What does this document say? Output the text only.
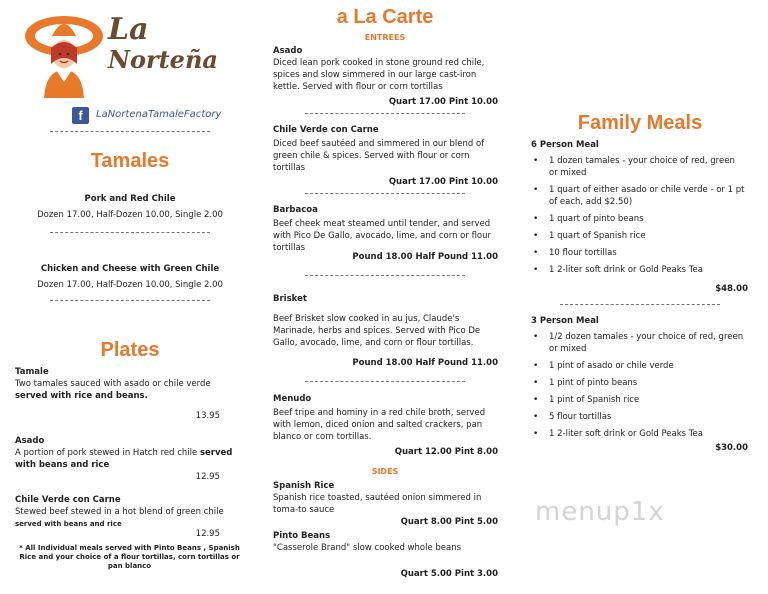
La
Norteña
f	LaNortenaTamaleFactory
Tamales
Pork and Red Chile
Dozen 17.00, Half-Dozen 10.00, Single 2.00
Chicken and Cheese with Green Chile
Dozen 17.00, Half-Dozen 10.00, Single 2.00
Plates
Tamale
Two tamales sauced with asado or chile verde
served with rice and beans.
13.95
Asado
A portion of pork stewed in Hatch red chile served with beans and rice
12.95
Chile Verde con Carne
Stewed beef stewed in a hot blend of green chile served with beans and rice
12.95
* All Individual meals served with Pinto Beans , Spanish Rice and your choice of a flour tortillas, corn tortillas or pan blanco
a La Carte
ENTREES
Asado
Diced lean pork cooked in stone ground red chile, spices and slow simmered in our large cast-iron kettle. Served with flour or corn tortillas
Quart 17.00 Pint 10.00
Chile Verde con Carne
Diced beef sautéed and simmered in our blend of green chile & spices. Served with flour or corn tortillas
Quart 17.00 Pint 10.00
Barbacoa
Beef cheek meat steamed until tender, and served with Pico De Gallo, avocado, lime, and corn or flour tortillas
Pound 18.00 Half Pound 11.00
Brisket
Beef Brisket slow cooked in au jus, Claude's Marinade, herbs and spices. Served with Pico De Gallo, avocado, lime, and corn or flour tortillas.
Pound 18.00 Half Pound 11.00
Menudo
Beef tripe and hominy in a red chile broth, served with lemon, diced onion and salted crackers, pan blanco or corn tortillas.
Quart 12.00 Pint 8.00
SIDES
Spanish Rice
Spanish rice toasted, sautéed onion simmered in toma-to sauce
Quart 8.00 Pint 5.00
Pinto Beans
"Casserole Brand" slow cooked whole beans
Quart 5.00 Pint 3.00
Family Meals
6 Person Meal
• 1 dozen tamales - your choice of red, green or mixed
• 1 quart of either asado or chile verde - or 1 pt of each, add $2.50)
• 1 quart of pinto beans
• 1 quart of Spanish rice
• 10 flour tortillas
• 1 2-liter soft drink or Gold Peaks Tea
$48.00
3 Person Meal
• 1/2 dozen tamales - your choice of red, green or mixed
• 1 pint of asado or chile verde
• 1 pint of pinto beans
• 1 pint of Spanish rice
• 5 flour tortillas
• 1 2-liter soft drink or Gold Peaks Tea
$30.00
menup1x
